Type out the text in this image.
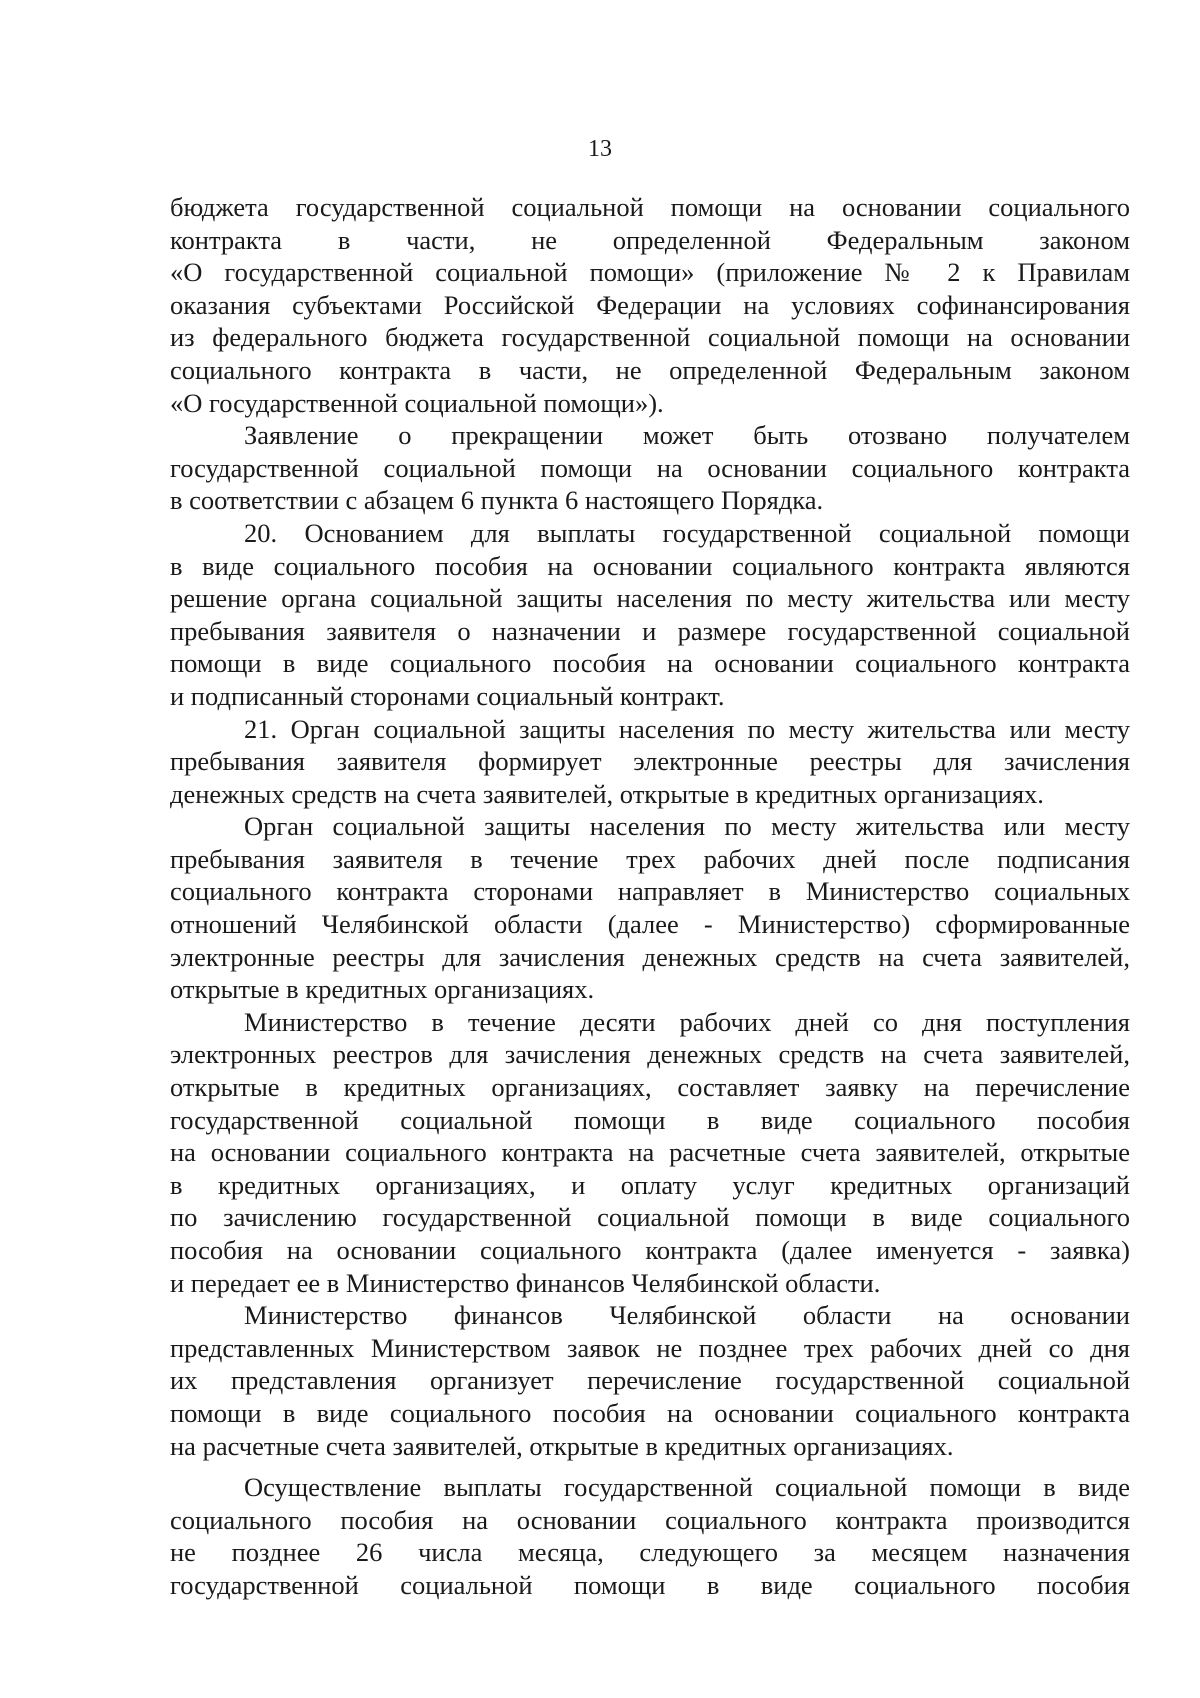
13
бюджета государственной социальной помощи на основании социального
контракта в части, не определенной Федеральным законом
«О государственной социальной помощи» (приложение № 2 к Правилам
оказания субъектами Российской Федерации на условиях софинансирования
из федерального бюджета государственной социальной помощи на основании
социального контракта в части, не определенной Федеральным законом
«О государственной социальной помощи»).
Заявление о прекращении может быть отозвано получателем
государственной социальной помощи на основании социального контракта
в соответствии с абзацем 6 пункта 6 настоящего Порядка.
20. Основанием для выплаты государственной социальной помощи
в виде социального пособия на основании социального контракта являются
решение органа социальной защиты населения по месту жительства или месту
пребывания заявителя о назначении и размере государственной социальной
помощи в виде социального пособия на основании социального контракта
и подписанный сторонами социальный контракт.
21. Орган социальной защиты населения по месту жительства или месту
пребывания заявителя формирует электронные реестры для зачисления
денежных средств на счета заявителей, открытые в кредитных организациях.
Орган социальной защиты населения по месту жительства или месту
пребывания заявителя в течение трех рабочих дней после подписания
социального контракта сторонами направляет в Министерство социальных
отношений Челябинской области (далее - Министерство) сформированные
электронные реестры для зачисления денежных средств на счета заявителей,
открытые в кредитных организациях.
Министерство в течение десяти рабочих дней со дня поступления
электронных реестров для зачисления денежных средств на счета заявителей,
открытые в кредитных организациях, составляет заявку на перечисление
государственной социальной помощи в виде социального пособия
на основании социального контракта на расчетные счета заявителей, открытые
в кредитных организациях, и оплату услуг кредитных организаций
по зачислению государственной социальной помощи в виде социального
пособия на основании социального контракта (далее именуется - заявка)
и передает ее в Министерство финансов Челябинской области.
Министерство финансов Челябинской области на основании
представленных Министерством заявок не позднее трех рабочих дней со дня
их представления организует перечисление государственной социальной
помощи в виде социального пособия на основании социального контракта
на расчетные счета заявителей, открытые в кредитных организациях.
Осуществление выплаты государственной социальной помощи в виде
социального пособия на основании социального контракта производится
не позднее 26 числа месяца, следующего за месяцем назначения
государственной социальной помощи в виде социального пособия
